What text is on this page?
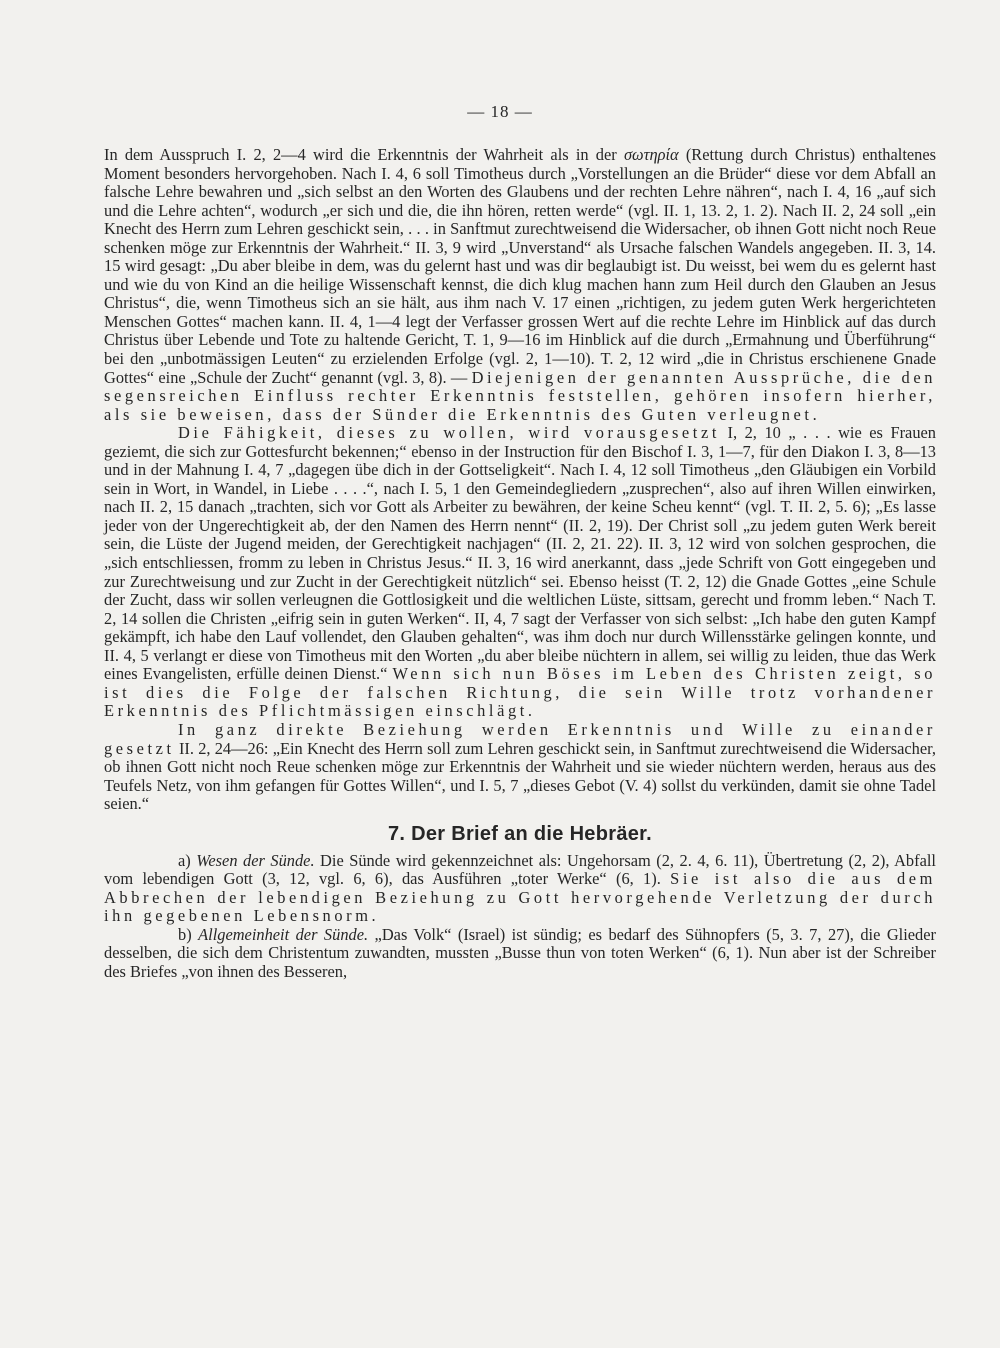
— 18 —

In dem Ausspruch I. 2, 2—4 wird die Erkenntnis der Wahrheit als in der σωτηρία (Rettung durch Christus) enthaltenes Moment besonders hervorgehoben. Nach I. 4, 6 soll Timotheus durch „Vorstellungen an die Brüder“ diese vor dem Abfall an falsche Lehre bewahren und „sich selbst an den Worten des Glaubens und der rechten Lehre nähren“, nach I. 4, 16 „auf sich und die Lehre achten“, wodurch „er sich und die, die ihn hören, retten werde“ (vgl. II. 1, 13. 2, 1. 2). Nach II. 2, 24 soll „ein Knecht des Herrn zum Lehren geschickt sein, . . . in Sanftmut zurechtweisend die Widersacher, ob ihnen Gott nicht noch Reue schenken möge zur Erkenntnis der Wahrheit.“ II. 3, 9 wird „Unverstand“ als Ursache falschen Wandels angegeben. II. 3, 14. 15 wird gesagt: „Du aber bleibe in dem, was du gelernt hast und was dir beglaubigt ist. Du weisst, bei wem du es gelernt hast und wie du von Kind an die heilige Wissenschaft kennst, die dich klug machen hann zum Heil durch den Glauben an Jesus Christus“, die, wenn Timotheus sich an sie hält, aus ihm nach V. 17 einen „richtigen, zu jedem guten Werk hergerichteten Menschen Gottes“ machen kann. II. 4, 1—4 legt der Verfasser grossen Wert auf die rechte Lehre im Hinblick auf das durch Christus über Lebende und Tote zu haltende Gericht, T. 1, 9—16 im Hinblick auf die durch „Ermahnung und Überführung“ bei den „unbotmässigen Leuten“ zu erzielenden Erfolge (vgl. 2, 1—10). T. 2, 12 wird „die in Christus erschienene Gnade Gottes“ eine „Schule der Zucht“ genannt (vgl. 3, 8). — Diejenigen der genannten Aussprüche, die den segensreichen Einfluss rechter Erkenntnis feststellen, gehören insofern hierher, als sie beweisen, dass der Sünder die Erkenntnis des Guten verleugnet.

Die Fähigkeit, dieses zu wollen, wird vorausgesetzt I, 2, 10 „ . . . wie es Frauen geziemt, die sich zur Gottesfurcht bekennen;“ ebenso in der Instruction für den Bischof I. 3, 1—7, für den Diakon I. 3, 8—13 und in der Mahnung I. 4, 7 „dagegen übe dich in der Gottseligkeit“. Nach I. 4, 12 soll Timotheus „den Gläubigen ein Vorbild sein in Wort, in Wandel, in Liebe . . . .“, nach I. 5, 1 den Gemeindegliedern „zusprechen“, also auf ihren Willen einwirken, nach II. 2, 15 danach „trachten, sich vor Gott als Arbeiter zu bewähren, der keine Scheu kennt“ (vgl. T. II. 2, 5. 6); „Es lasse jeder von der Ungerechtigkeit ab, der den Namen des Herrn nennt“ (II. 2, 19). Der Christ soll „zu jedem guten Werk bereit sein, die Lüste der Jugend meiden, der Gerechtigkeit nachjagen“ (II. 2, 21. 22). II. 3, 12 wird von solchen gesprochen, die „sich entschliessen, fromm zu leben in Christus Jesus.“ II. 3, 16 wird anerkannt, dass „jede Schrift von Gott eingegeben und zur Zurechtweisung und zur Zucht in der Gerechtigkeit nützlich“ sei. Ebenso heisst (T. 2, 12) die Gnade Gottes „eine Schule der Zucht, dass wir sollen verleugnen die Gottlosigkeit und die weltlichen Lüste, sittsam, gerecht und fromm leben.“ Nach T. 2, 14 sollen die Christen „eifrig sein in guten Werken“. II, 4, 7 sagt der Verfasser von sich selbst: „Ich habe den guten Kampf gekämpft, ich habe den Lauf vollendet, den Glauben gehalten“, was ihm doch nur durch Willensstärke gelingen konnte, und II. 4, 5 verlangt er diese von Timotheus mit den Worten „du aber bleibe nüchtern in allem, sei willig zu leiden, thue das Werk eines Evangelisten, erfülle deinen Dienst.“ Wenn sich nun Böses im Leben des Christen zeigt, so ist dies die Folge der falschen Richtung, die sein Wille trotz vorhandener Erkenntnis des Pflichtmässigen einschlägt.

In ganz direkte Beziehung werden Erkenntnis und Wille zu einander gesetzt II. 2, 24—26: „Ein Knecht des Herrn soll zum Lehren geschickt sein, in Sanftmut zurechtweisend die Widersacher, ob ihnen Gott nicht noch Reue schenken möge zur Erkenntnis der Wahrheit und sie wieder nüchtern werden, heraus aus des Teufels Netz, von ihm gefangen für Gottes Willen“, und I. 5, 7 „dieses Gebot (V. 4) sollst du verkünden, damit sie ohne Tadel seien.“

7. Der Brief an die Hebräer.

a) Wesen der Sünde. Die Sünde wird gekennzeichnet als: Ungehorsam (2, 2. 4, 6. 11), Übertretung (2, 2), Abfall vom lebendigen Gott (3, 12, vgl. 6, 6), das Ausführen „toter Werke“ (6, 1). Sie ist also die aus dem Abbrechen der lebendigen Beziehung zu Gott hervorgehende Verletzung der durch ihn gegebenen Lebensnorm.

b) Allgemeinheit der Sünde. „Das Volk“ (Israel) ist sündig; es bedarf des Sühnopfers (5, 3. 7, 27), die Glieder desselben, die sich dem Christentum zuwandten, mussten „Busse thun von toten Werken“ (6, 1). Nun aber ist der Schreiber des Briefes „von ihnen des Besseren,
